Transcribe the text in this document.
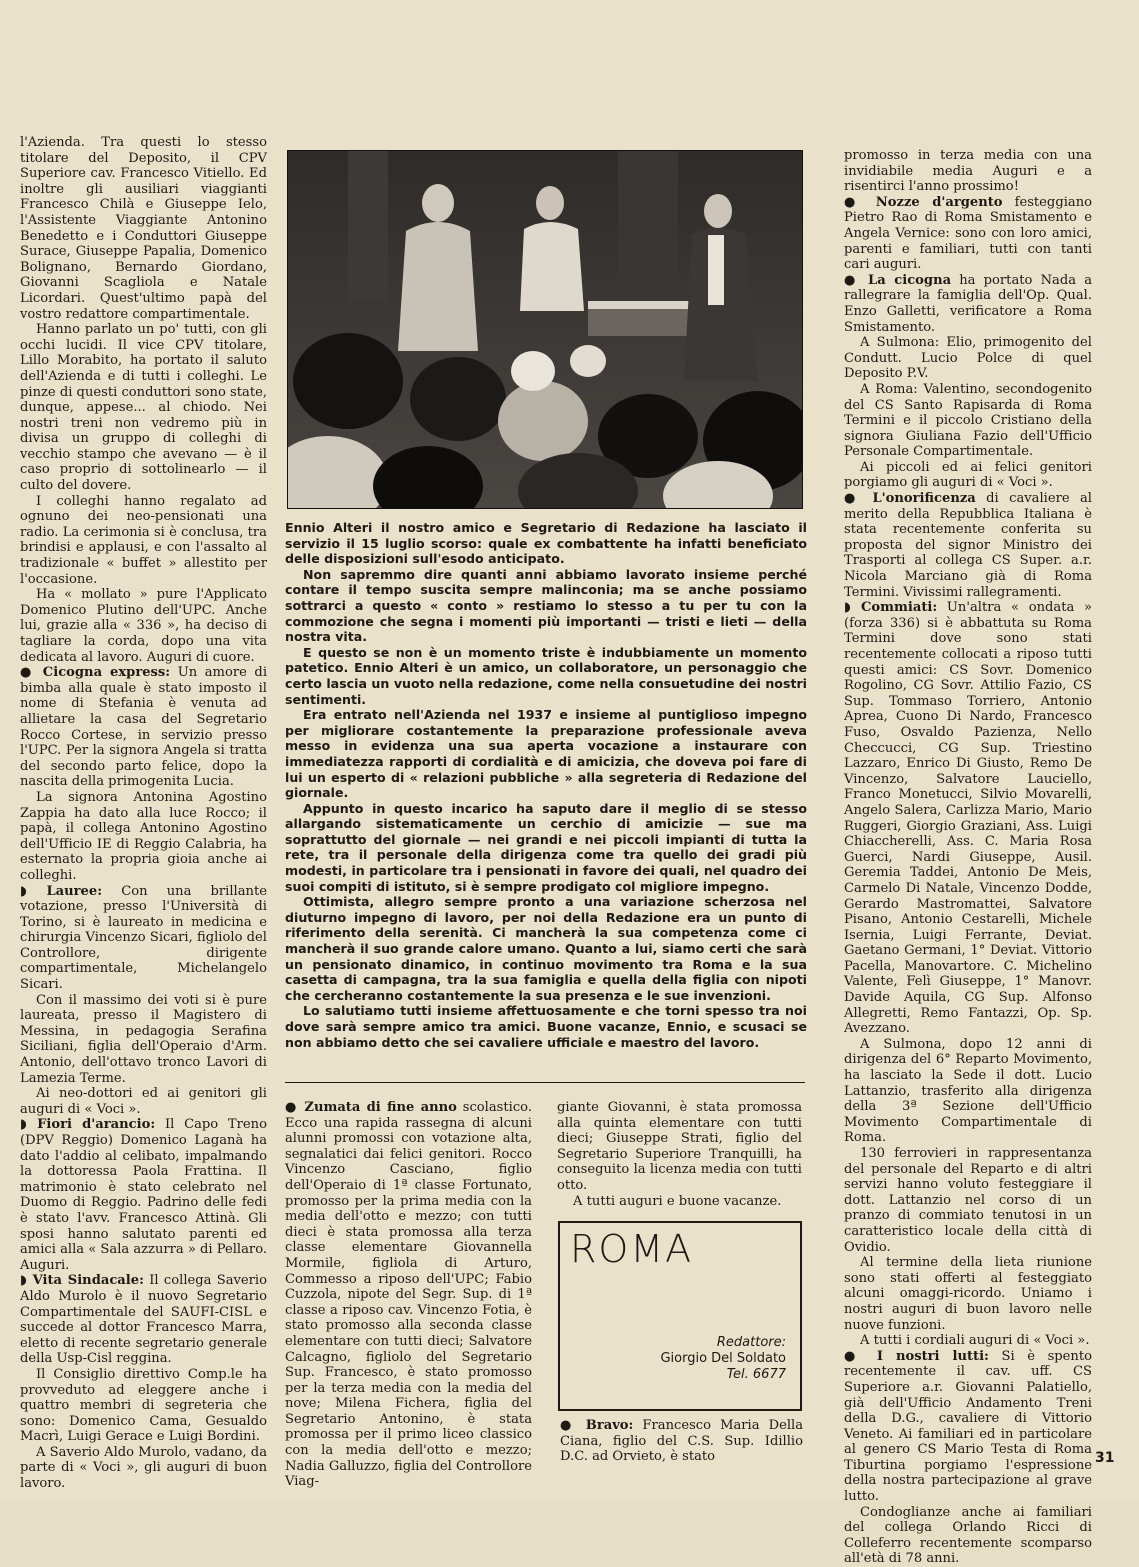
l'Azienda. Tra questi lo stesso titolare del Deposito, il CPV Superiore cav. Francesco Vitiello. Ed inoltre gli ausiliari viaggianti Francesco Chilà e Giuseppe Ielo, l'Assistente Viaggiante Antonino Benedetto e i Conduttori Giuseppe Surace, Giuseppe Papalia, Domenico Bolignano, Bernardo Giordano, Giovanni Scagliola e Natale Licordari. Quest'ultimo papà del vostro redattore compartimentale.

Hanno parlato un po' tutti, con gli occhi lucidi. Il vice CPV titolare, Lillo Morabito, ha portato il saluto dell'Azienda e di tutti i colleghi. Le pinze di questi conduttori sono state, dunque, appese... al chiodo. Nei nostri treni non vedremo più in divisa un gruppo di colleghi di vecchio stampo che avevano — è il caso proprio di sottolinearlo — il culto del dovere.

I colleghi hanno regalato ad ognuno dei neo-pensionati una radio. La cerimonia si è conclusa, tra brindisi e applausi, e con l'assalto al tradizionale « buffet » allestito per l'occasione.

Ha « mollato » pure l'Applicato Domenico Plutino dell'UPC. Anche lui, grazie alla « 336 », ha deciso di tagliare la corda, dopo una vita dedicata al lavoro. Auguri di cuore.

● Cicogna express: Un amore di bimba alla quale è stato imposto il nome di Stefania è venuta ad allietare la casa del Segretario Rocco Cortese, in servizio presso l'UPC. Per la signora Angela si tratta del secondo parto felice, dopo la nascita della primogenita Lucia.

La signora Antonina Agostino Zappia ha dato alla luce Rocco; il papà, il collega Antonino Agostino dell'Ufficio IE di Reggio Calabria, ha esternato la propria gioia anche ai colleghi.

◗ Lauree: Con una brillante votazione, presso l'Università di Torino, si è laureato in medicina e chirurgia Vincenzo Sicari, figliolo del Controllore, dirigente compartimentale, Michelangelo Sicari.

Con il massimo dei voti si è pure laureata, presso il Magistero di Messina, in pedagogia Serafina Siciliani, figlia dell'Operaio d'Arm. Antonio, dell'ottavo tronco Lavori di Lamezia Terme.

Ai neo-dottori ed ai genitori gli auguri di « Voci ».

◗ Fiori d'arancio: Il Capo Treno (DPV Reggio) Domenico Laganà ha dato l'addio al celibato, impalmando la dottoressa Paola Frattina. Il matrimonio è stato celebrato nel Duomo di Reggio. Padrino delle fedi è stato l'avv. Francesco Attinà. Gli sposi hanno salutato parenti ed amici alla « Sala azzurra » di Pellaro. Auguri.

◗ Vita Sindacale: Il collega Saverio Aldo Murolo è il nuovo Segretario Compartimentale del SAUFI-CISL e succede al dottor Francesco Marra, eletto di recente segretario generale della Usp-Cisl reggina.

Il Consiglio direttivo Comp.le ha provveduto ad eleggere anche i quattro membri di segreteria che sono: Domenico Cama, Gesualdo Macrì, Luigi Gerace e Luigi Bordini.

A Saverio Aldo Murolo, vadano, da parte di « Voci », gli auguri di buon lavoro.

Ennio Alteri il nostro amico e Segretario di Redazione ha lasciato il servizio il 15 luglio scorso: quale ex combattente ha infatti beneficiato delle disposizioni sull'esodo anticipato.

Non sapremmo dire quanti anni abbiamo lavorato insieme perché contare il tempo suscita sempre malinconia; ma se anche possiamo sottrarci a questo « conto » restiamo lo stesso a tu per tu con la commozione che segna i momenti più importanti — tristi e lieti — della nostra vita.

E questo se non è un momento triste è indubbiamente un momento patetico. Ennio Alteri è un amico, un collaboratore, un personaggio che certo lascia un vuoto nella redazione, come nella consuetudine dei nostri sentimenti.

Era entrato nell'Azienda nel 1937 e insieme al puntiglioso impegno per migliorare costantemente la preparazione professionale aveva messo in evidenza una sua aperta vocazione a instaurare con immediatezza rapporti di cordialità e di amicizia, che doveva poi fare di lui un esperto di « relazioni pubbliche » alla segreteria di Redazione del giornale.

Appunto in questo incarico ha saputo dare il meglio di se stesso allargando sistematicamente un cerchio di amicizie — sue ma soprattutto del giornale — nei grandi e nei piccoli impianti di tutta la rete, tra il personale della dirigenza come tra quello dei gradi più modesti, in particolare tra i pensionati in favore dei quali, nel quadro dei suoi compiti di istituto, si è sempre prodigato col migliore impegno.

Ottimista, allegro sempre pronto a una variazione scherzosa nel diuturno impegno di lavoro, per noi della Redazione era un punto di riferimento della serenità. Ci mancherà la sua competenza come ci mancherà il suo grande calore umano. Quanto a lui, siamo certi che sarà un pensionato dinamico, in continuo movimento tra Roma e la sua casetta di campagna, tra la sua famiglia e quella della figlia con nipoti che cercheranno costantemente la sua presenza e le sue invenzioni.

Lo salutiamo tutti insieme affettuosamente e che torni spesso tra noi dove sarà sempre amico tra amici. Buone vacanze, Ennio, e scusaci se non abbiamo detto che sei cavaliere ufficiale e maestro del lavoro.

● Zumata di fine anno scolastico. Ecco una rapida rassegna di alcuni alunni promossi con votazione alta, segnalatici dai felici genitori. Rocco Vincenzo Casciano, figlio dell'Operaio di 1ª classe Fortunato, promosso per la prima media con la media dell'otto e mezzo; con tutti dieci è stata promossa alla terza classe elementare Giovannella Mormile, figliola di Arturo, Commesso a riposo dell'UPC; Fabio Cuzzola, nipote del Segr. Sup. di 1ª classe a riposo cav. Vincenzo Fotia, è stato promosso alla seconda classe elementare con tutti dieci; Salvatore Calcagno, figliolo del Segretario Sup. Francesco, è stato promosso per la terza media con la media del nove; Milena Fichera, figlia del Segretario Antonino, è stata promossa per il primo liceo classico con la media dell'otto e mezzo; Nadia Galluzzo, figlia del Controllore Viag-

giante Giovanni, è stata promossa alla quinta elementare con tutti dieci; Giuseppe Strati, figlio del Segretario Superiore Tranquilli, ha conseguito la licenza media con tutti otto.

A tutti auguri e buone vacanze.

ROMA
Redattore:
Giorgio Del Soldato
Tel. 6677
● Bravo: Francesco Maria Della Ciana, figlio del C.S. Sup. Idillio D.C. ad Orvieto, è stato

promosso in terza media con una invidiabile media Auguri e a risentirci l'anno prossimo!

● Nozze d'argento festeggiano Pietro Rao di Roma Smistamento e Angela Vernice: sono con loro amici, parenti e familiari, tutti con tanti cari auguri.

● La cicogna ha portato Nada a rallegrare la famiglia dell'Op. Qual. Enzo Galletti, verificatore a Roma Smistamento.

A Sulmona: Elio, primogenito del Condutt. Lucio Polce di quel Deposito P.V.

A Roma: Valentino, secondogenito del CS Santo Rapisarda di Roma Termini e il piccolo Cristiano della signora Giuliana Fazio dell'Ufficio Personale Compartimentale.

Ai piccoli ed ai felici genitori porgiamo gli auguri di « Voci ».

● L'onorificenza di cavaliere al merito della Repubblica Italiana è stata recentemente conferita su proposta del signor Ministro dei Trasporti al collega CS Super. a.r. Nicola Marciano già di Roma Termini. Vivissimi rallegramenti.

◗ Commiati: Un'altra « ondata » (forza 336) si è abbattuta su Roma Termini dove sono stati recentemente collocati a riposo tutti questi amici: CS Sovr. Domenico Rogolino, CG Sovr. Attilio Fazio, CS Sup. Tommaso Torriero, Antonio Aprea, Cuono Di Nardo, Francesco Fuso, Osvaldo Pazienza, Nello Checcucci, CG Sup. Triestino Lazzaro, Enrico Di Giusto, Remo De Vincenzo, Salvatore Lauciello, Franco Monetucci, Silvio Movarelli, Angelo Salera, Carlizza Mario, Mario Ruggeri, Giorgio Graziani, Ass. Luigi Chiaccherelli, Ass. C. Maria Rosa Guerci, Nardi Giuseppe, Ausil. Geremia Taddei, Antonio De Meis, Carmelo Di Natale, Vincenzo Dodde, Gerardo Mastromattei, Salvatore Pisano, Antonio Cestarelli, Michele Isernia, Luigi Ferrante, Deviat. Gaetano Germani, 1° Deviat. Vittorio Pacella, Manovartore. C. Michelino Valente, Felì Giuseppe, 1° Manovr. Davide Aquila, CG Sup. Alfonso Allegretti, Remo Fantazzi, Op. Sp. Avezzano.

A Sulmona, dopo 12 anni di dirigenza del 6° Reparto Movimento, ha lasciato la Sede il dott. Lucio Lattanzio, trasferito alla dirigenza della 3ª Sezione dell'Ufficio Movimento Compartimentale di Roma.

130 ferrovieri in rappresentanza del personale del Reparto e di altri servizi hanno voluto festeggiare il dott. Lattanzio nel corso di un pranzo di commiato tenutosi in un caratteristico locale della città di Ovidio.

Al termine della lieta riunione sono stati offerti al festeggiato alcuni omaggi-ricordo. Uniamo i nostri auguri di buon lavoro nelle nuove funzioni.

A tutti i cordiali auguri di « Voci ».

● I nostri lutti: Si è spento recentemente il cav. uff. CS Superiore a.r. Giovanni Palatiello, già dell'Ufficio Andamento Treni della D.G., cavaliere di Vittorio Veneto. Ai familiari ed in particolare al genero CS Mario Testa di Roma Tiburtina porgiamo l'espressione della nostra partecipazione al grave lutto.

Condoglianze anche ai familiari del collega Orlando Ricci di Colleferro recentemente scomparso all'età di 78 anni.

31
